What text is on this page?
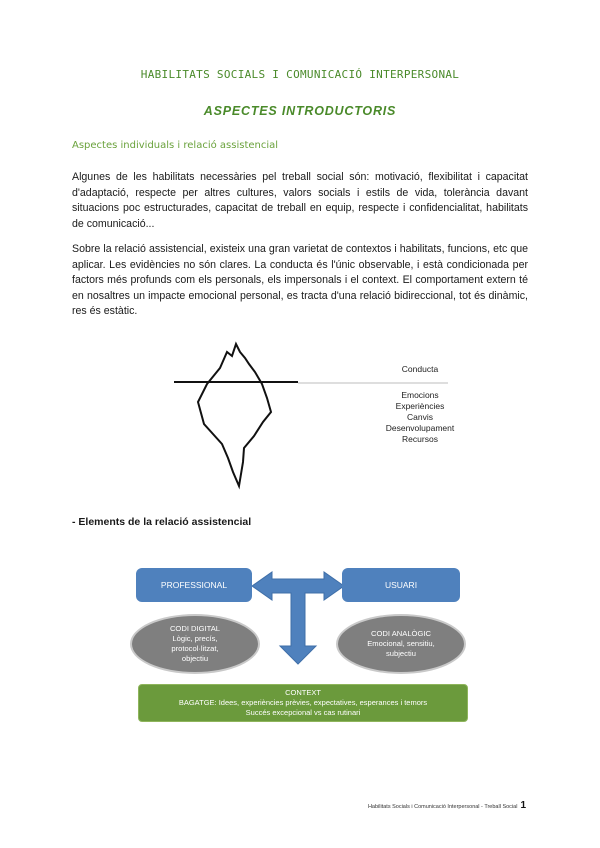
HABILITATS SOCIALS I COMUNICACIÓ INTERPERSONAL
ASPECTES INTRODUCTORIS
Aspectes individuals i relació assistencial
Algunes de les habilitats necessàries pel treball social són: motivació, flexibilitat i capacitat d'adaptació, respecte per altres cultures, valors socials i estils de vida, tolerància davant situacions poc estructurades, capacitat de treball en equip, respecte i confidencialitat, habilitats de comunicació...
Sobre la relació assistencial, existeix una gran varietat de contextos i habilitats, funcions, etc que aplicar. Les evidències no són clares. La conducta és l'únic observable, i està condicionada per factors més profunds com els personals, els impersonals i el context. El comportament extern té en nosaltres un impacte emocional personal, es tracta d'una relació bidireccional, tot és dinàmic, res és estàtic.
Conducta
Emocions
Experiències
Canvis
Desenvolupament
Recursos
- Elements de la relació assistencial
PROFESSIONAL	USUARI
CODI DIGITAL
Lògic, precís,
protocol·litzat,
objectiu
CODI ANALÒGIC
Emocional, sensitiu,
subjectiu
CONTEXT
BAGATGE: Idees, experiències prèvies, expectatives, esperances i temors
Succés excepcional vs cas rutinari
Habilitats Socials i Comunicació Interpersonal - Treball Social 1
